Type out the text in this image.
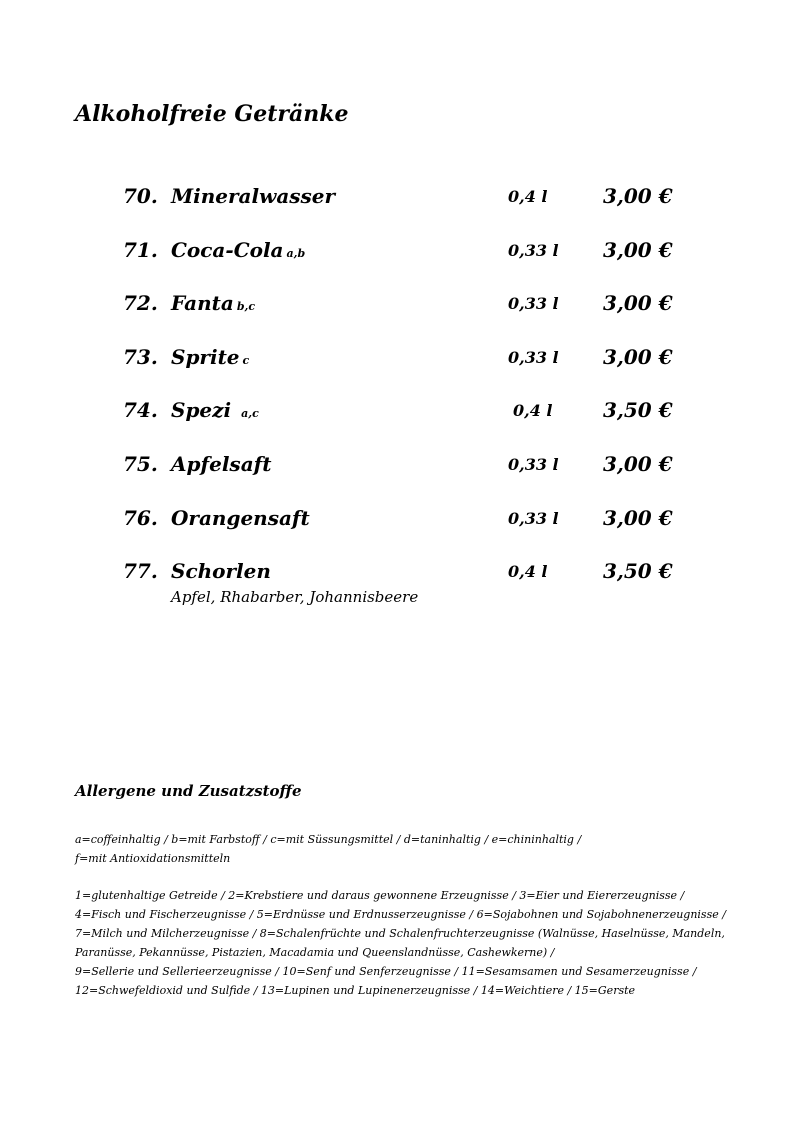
Alkoholfreie Getränke
70. Mineralwasser	0,4 l	3,00 €
71. Coca-Cola a,b	0,33 l 3,00 €
72. Fanta b,c	0,33 l 3,00 €
73. Sprite c	0,33 l 3,00 €
74. Spezi a,c	0,4 l	3,50 €
75. Apfelsaft	0,33 l 3,00 €
76. Orangensaft	0,33 l 3,00 €
77. Schorlen	0,4 l	3,50 €
Apfel, Rhabarber, Johannisbeere
Allergene und Zusatzstoffe

a=coffeinhaltig / b=mit Farbstoff / c=mit Süssungsmittel / d=taninhaltig / e=chininhaltig /
f=mit Antioxidationsmitteln

1=glutenhaltige Getreide / 2=Krebstiere und daraus gewonnene Erzeugnisse / 3=Eier und Eiererzeugnisse /
4=Fisch und Fischerzeugnisse / 5=Erdnüsse und Erdnusserzeugnisse / 6=Sojabohnen und Sojabohnenerzeugnisse /
7=Milch und Milcherzeugnisse / 8=Schalenfrüchte und Schalenfruchterzeugnisse (Walnüsse, Haselnüsse, Mandeln,
Paranüsse, Pekannüsse, Pistazien, Macadamia und Queenslandnüsse, Cashewkerne) /
9=Sellerie und Sellerieerzeugnisse / 10=Senf und Senferzeugnisse / 11=Sesamsamen und Sesamerzeugnisse /
12=Schwefeldioxid und Sulfide / 13=Lupinen und Lupinenerzeugnisse / 14=Weichtiere / 15=Gerste
